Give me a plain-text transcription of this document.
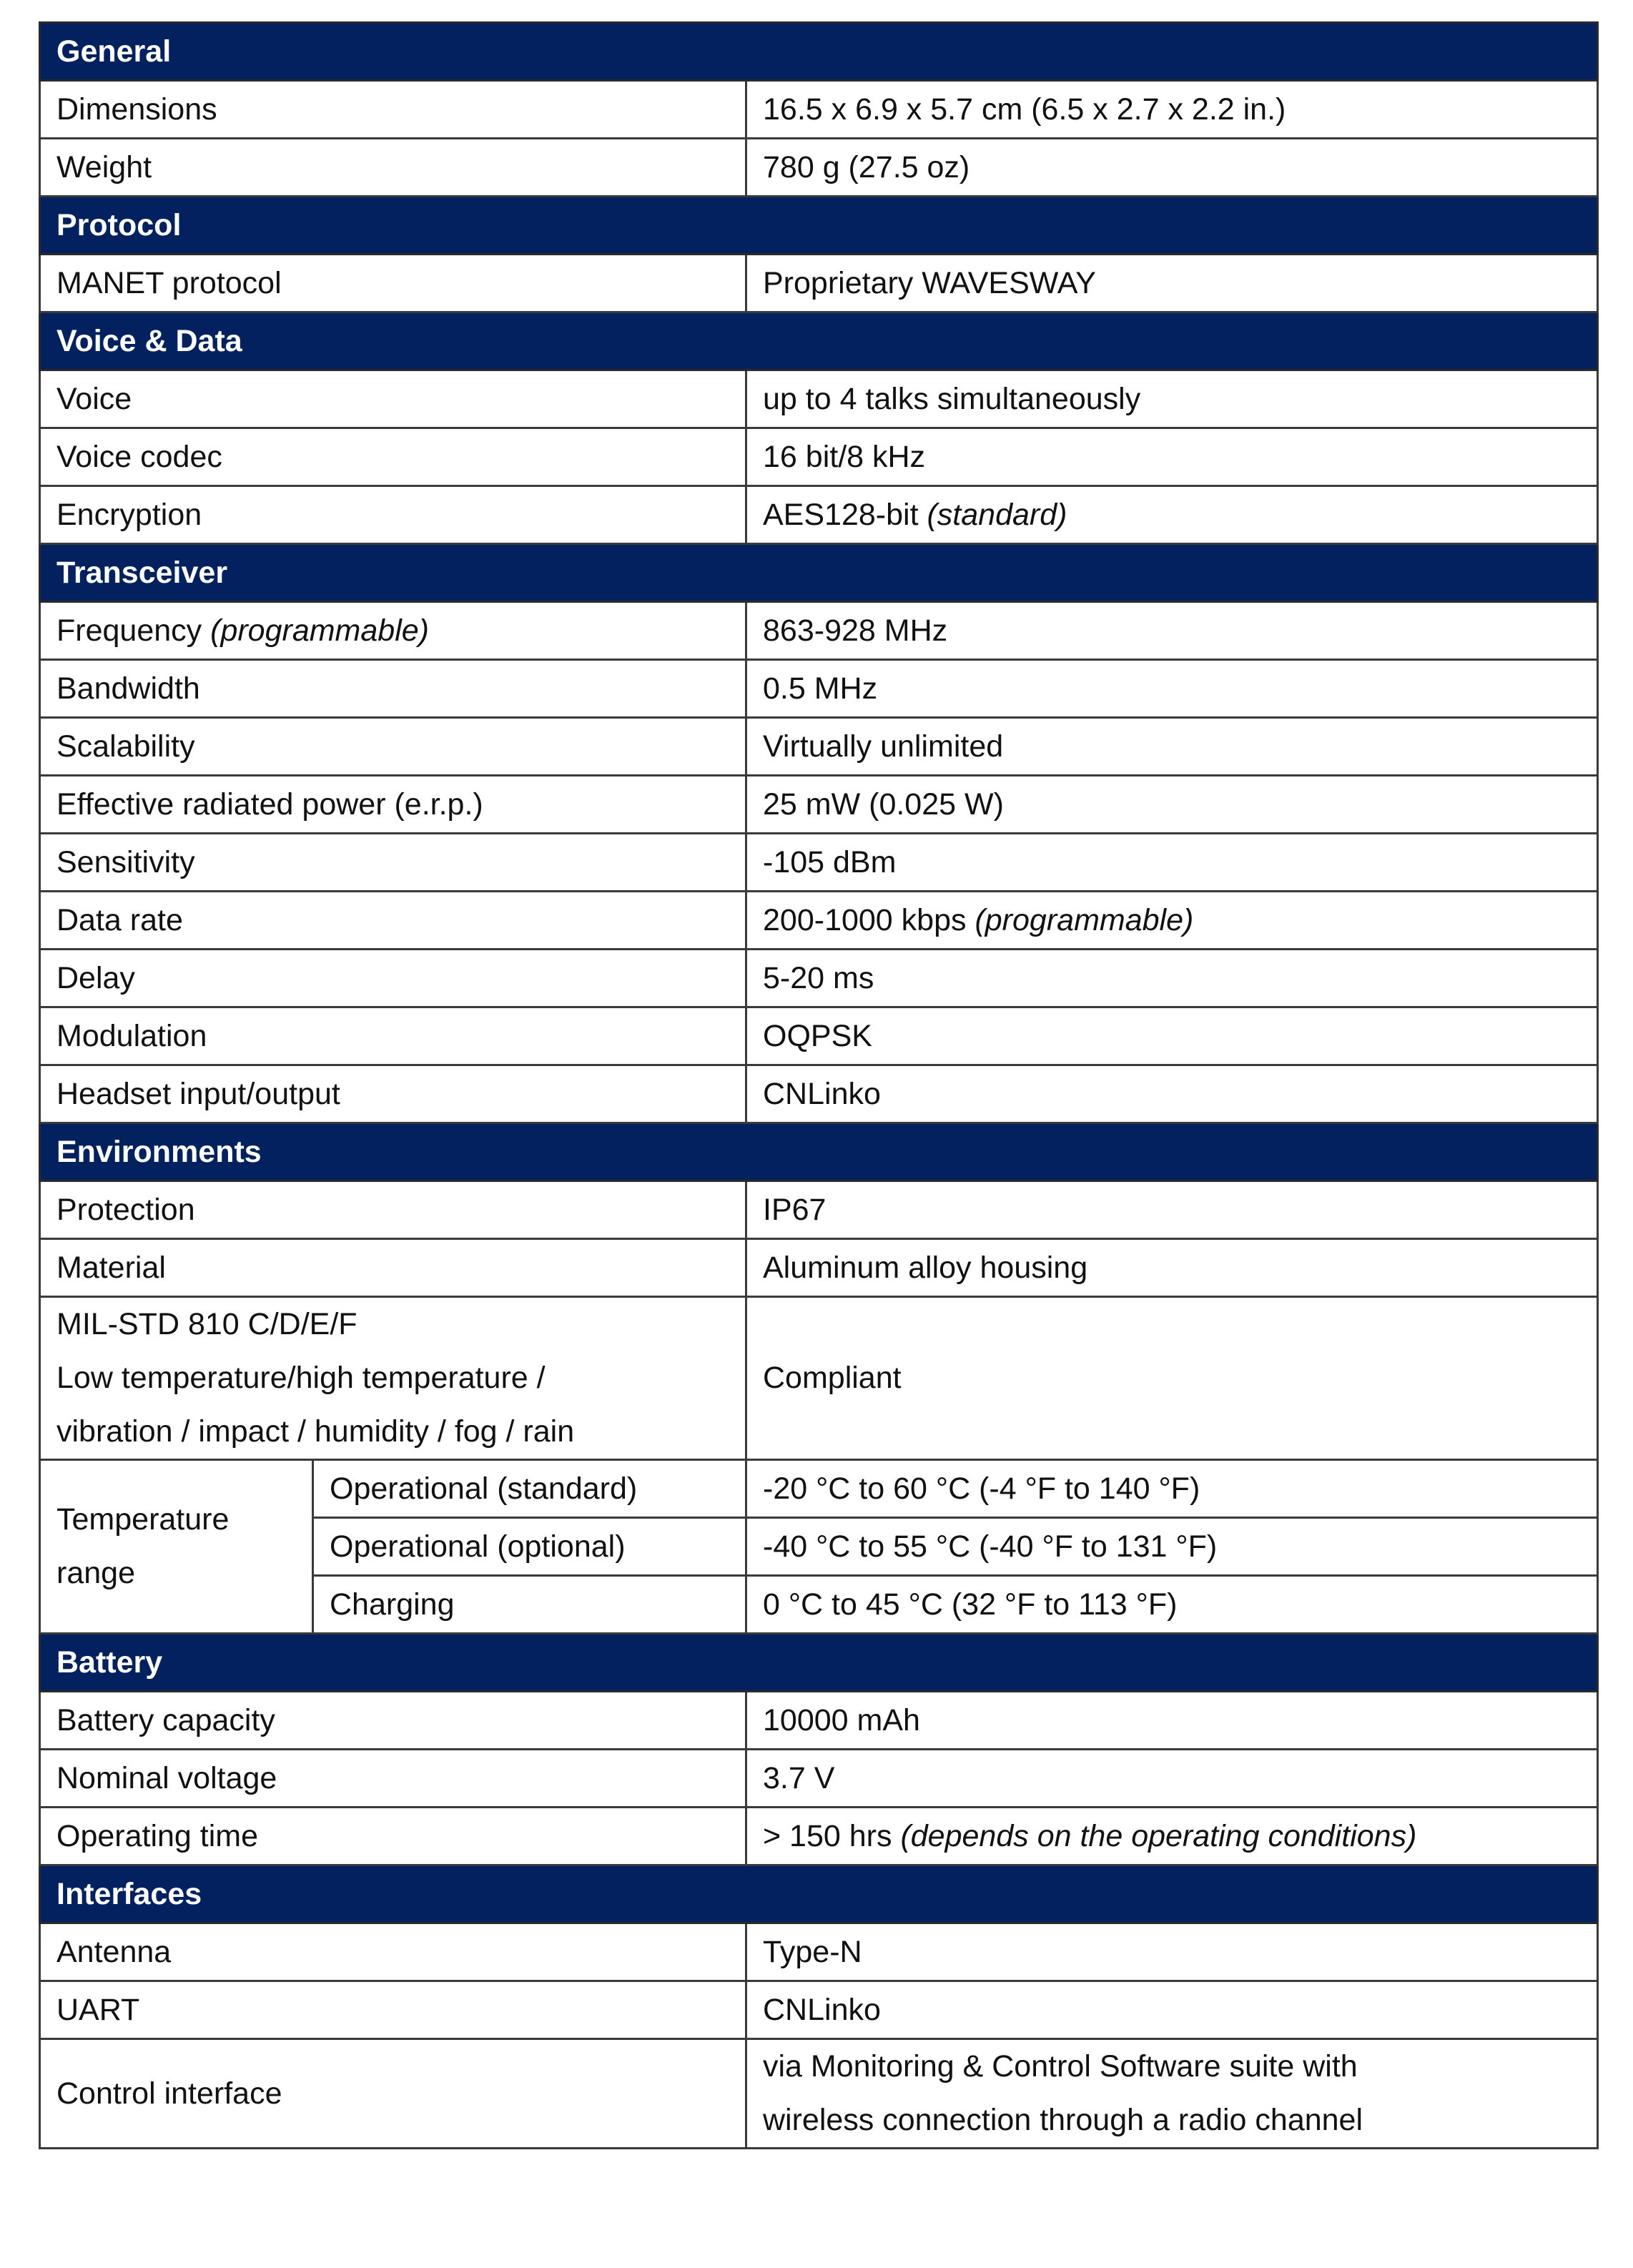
General		
Dimensions		16.5 x 6.9 x 5.7 cm (6.5 x 2.7 x 2.2 in.)
Weight		780 g (27.5 oz)
Protocol		
MANET protocol		Proprietary WAVESWAY
Voice & Data		
Voice		up to 4 talks simultaneously
Voice codec		16 bit/8 kHz
Encryption		AES128-bit (standard)
Transceiver		
Frequency (programmable)		863-928 MHz
Bandwidth		0.5 MHz
Scalability		Virtually unlimited
Effective radiated power (e.r.p.)		25 mW (0.025 W)
Sensitivity		-105 dBm
Data rate		200-1000 kbps (programmable)
Delay		5-20 ms
Modulation		OQPSK
Headset input/output		CNLinko
Environments		
Protection		IP67
Material		Aluminum alloy housing
MIL-STD 810 C/D/E/F
Low temperature/high temperature /
vibration / impact / humidity / fog / rain		Compliant
Temperature
range	Operational (standard)	-20 °C to 60 °C (-4 °F to 140 °F)
	Operational (optional)	-40 °C to 55 °C (-40 °F to 131 °F)
	Charging	0 °C to 45 °C (32 °F to 113 °F)
Battery		
Battery capacity		10000 mAh
Nominal voltage		3.7 V
Operating time		> 150 hrs (depends on the operating conditions)
Interfaces		
Antenna		Type-N
UART		CNLinko
Control interface		via Monitoring & Control Software suite with
wireless connection through a radio channel
